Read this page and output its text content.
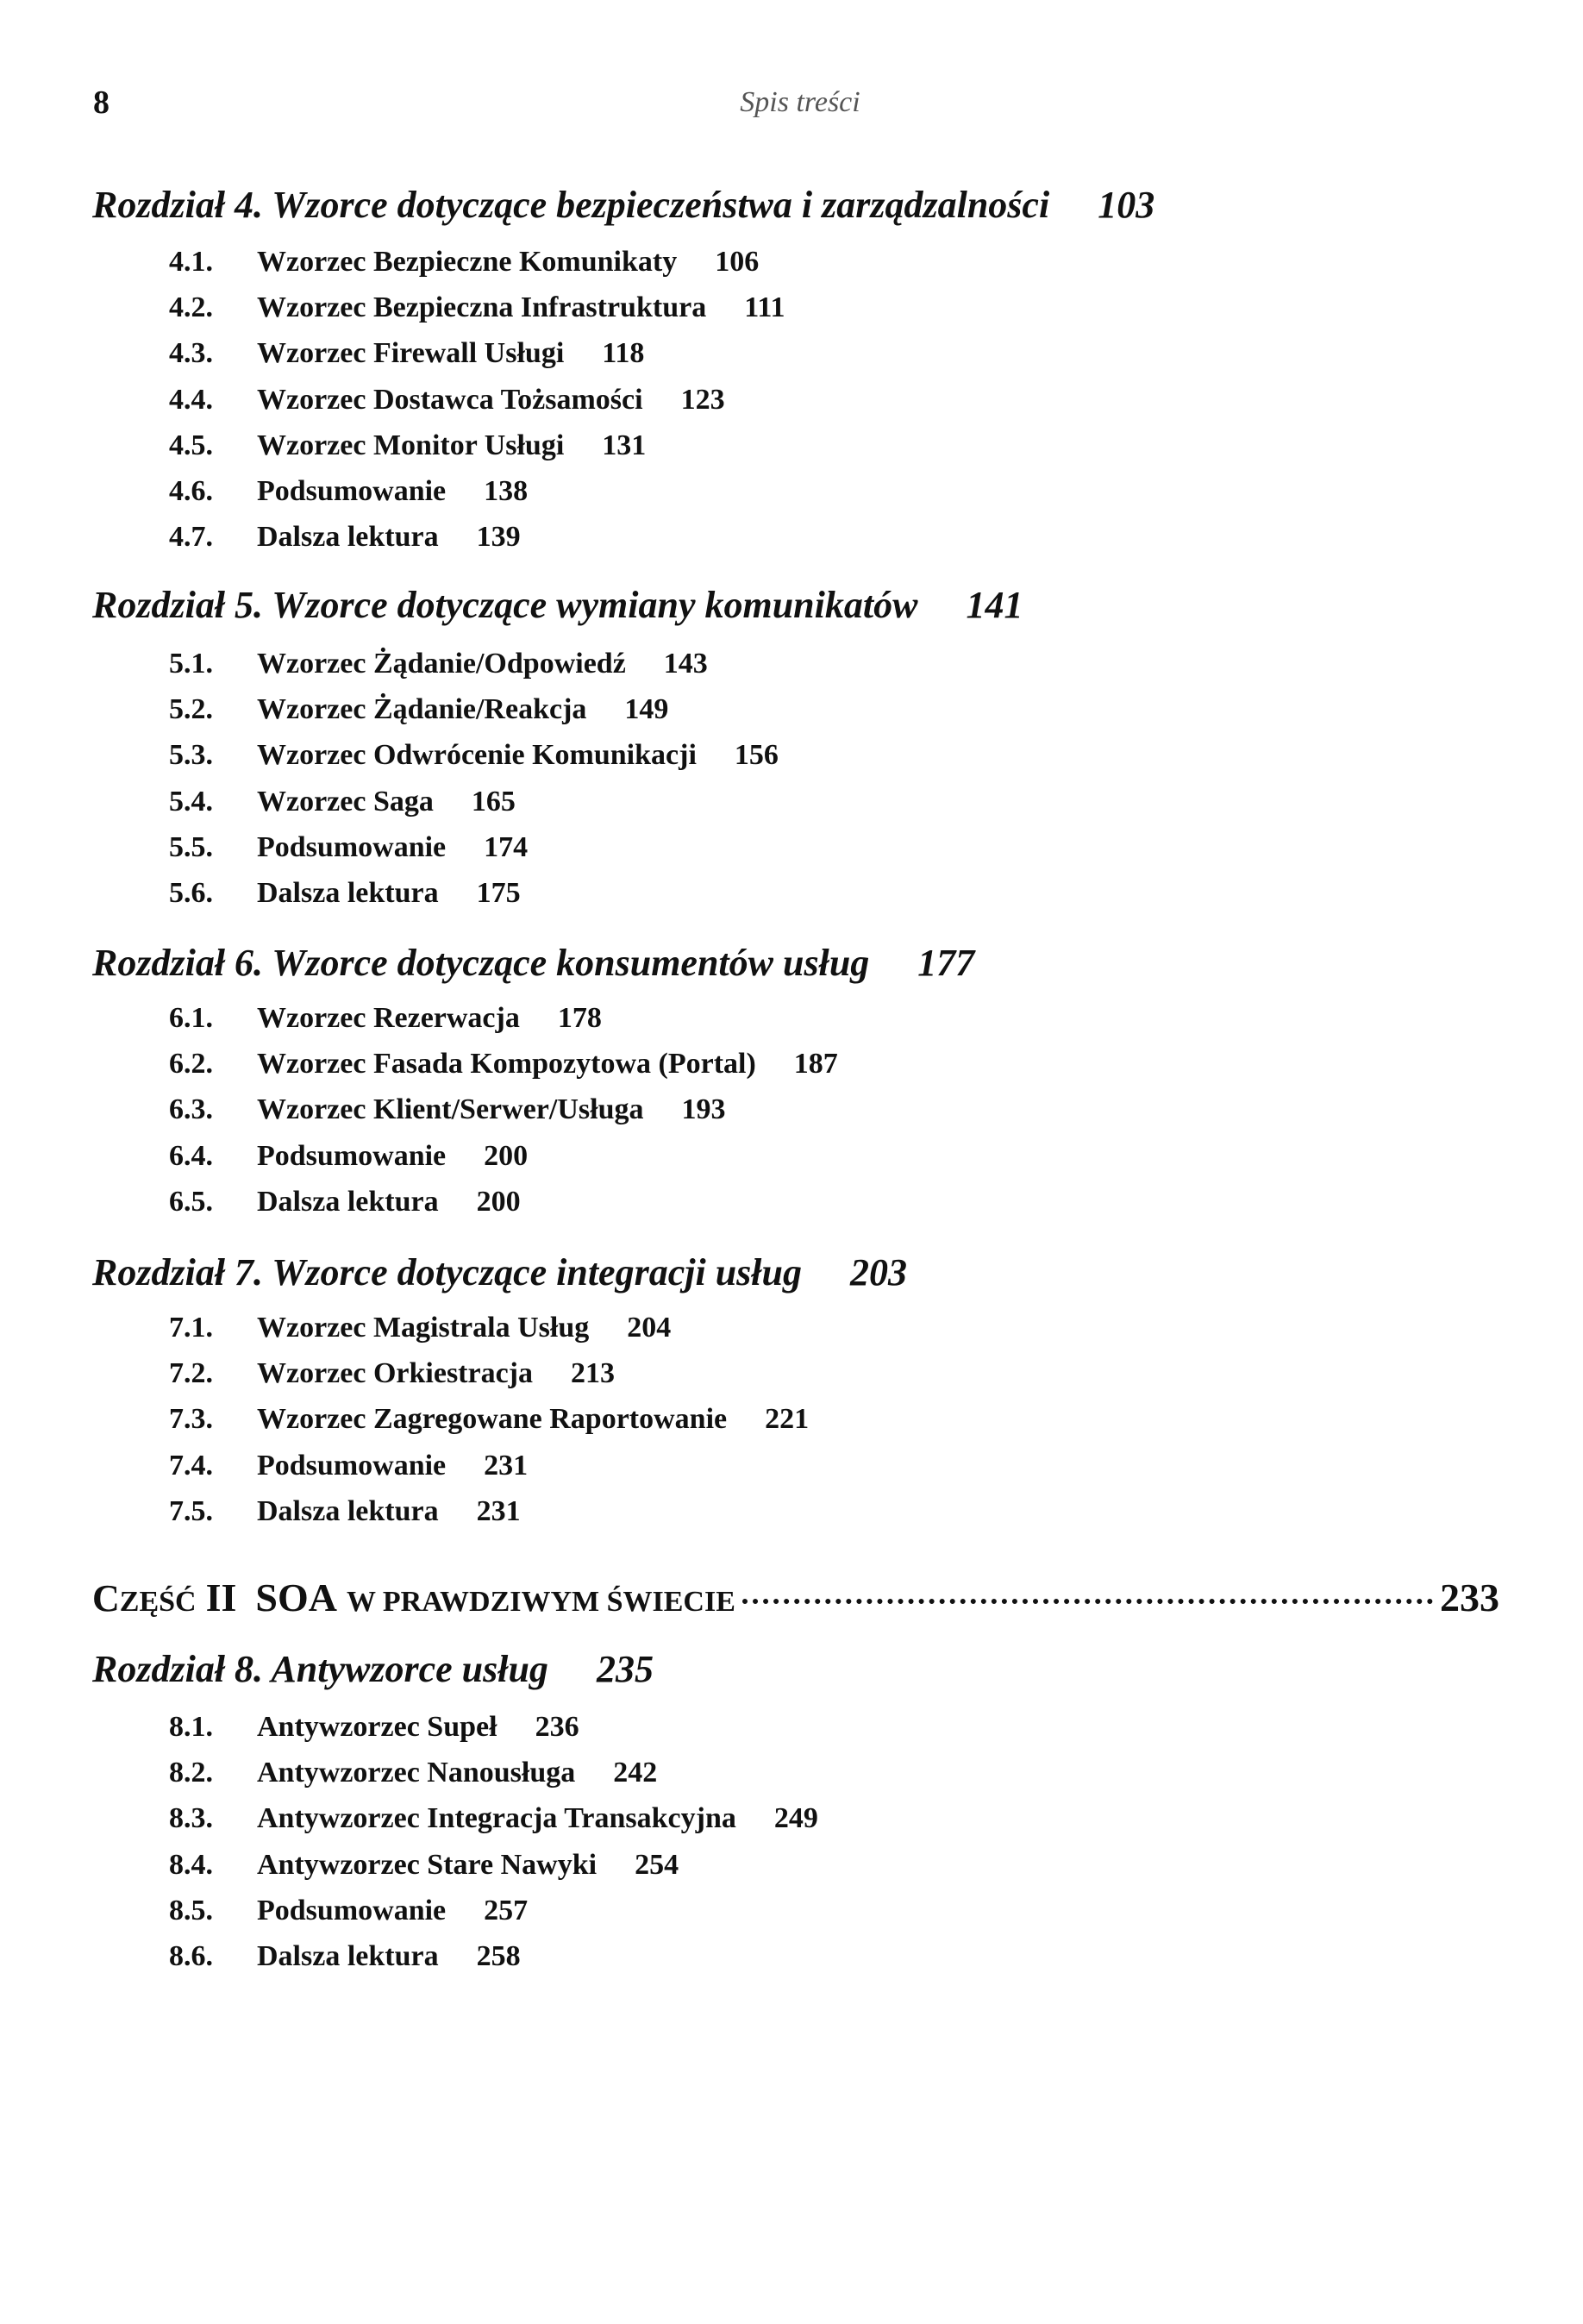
8	Spis treści
Rozdział 4. Wzorce dotyczące bezpieczeństwa i zarządzalności 103
4.1. Wzorzec Bezpieczne Komunikaty 106
4.2. Wzorzec Bezpieczna Infrastruktura 111
4.3. Wzorzec Firewall Usługi 118
4.4. Wzorzec Dostawca Tożsamości 123
4.5. Wzorzec Monitor Usługi 131
4.6. Podsumowanie 138
4.7. Dalsza lektura 139
Rozdział 5. Wzorce dotyczące wymiany komunikatów 141
5.1. Wzorzec Żądanie/Odpowiedź 143
5.2. Wzorzec Żądanie/Reakcja 149
5.3. Wzorzec Odwrócenie Komunikacji 156
5.4. Wzorzec Saga 165
5.5. Podsumowanie 174
5.6. Dalsza lektura 175
Rozdział 6. Wzorce dotyczące konsumentów usług 177
6.1. Wzorzec Rezerwacja 178
6.2. Wzorzec Fasada Kompozytowa (Portal) 187
6.3. Wzorzec Klient/Serwer/Usługa 193
6.4. Podsumowanie 200
6.5. Dalsza lektura 200
Rozdział 7. Wzorce dotyczące integracji usług 203
7.1. Wzorzec Magistrala Usług 204
7.2. Wzorzec Orkiestracja 213
7.3. Wzorzec Zagregowane Raportowanie 221
7.4. Podsumowanie 231
7.5. Dalsza lektura 231
Rozdział 8. Antywzorce usług 235
8.1. Antywzorzec Supeł 236
8.2. Antywzorzec Nanousługa 242
8.3. Antywzorzec Integracja Transakcyjna 249
8.4. Antywzorzec Stare Nawyki 254
8.5. Podsumowanie 257
8.6. Dalsza lektura 258
C ZĘŚĆ
II
SOA
W PRAWDZIWYM ŚWIECIE	233
